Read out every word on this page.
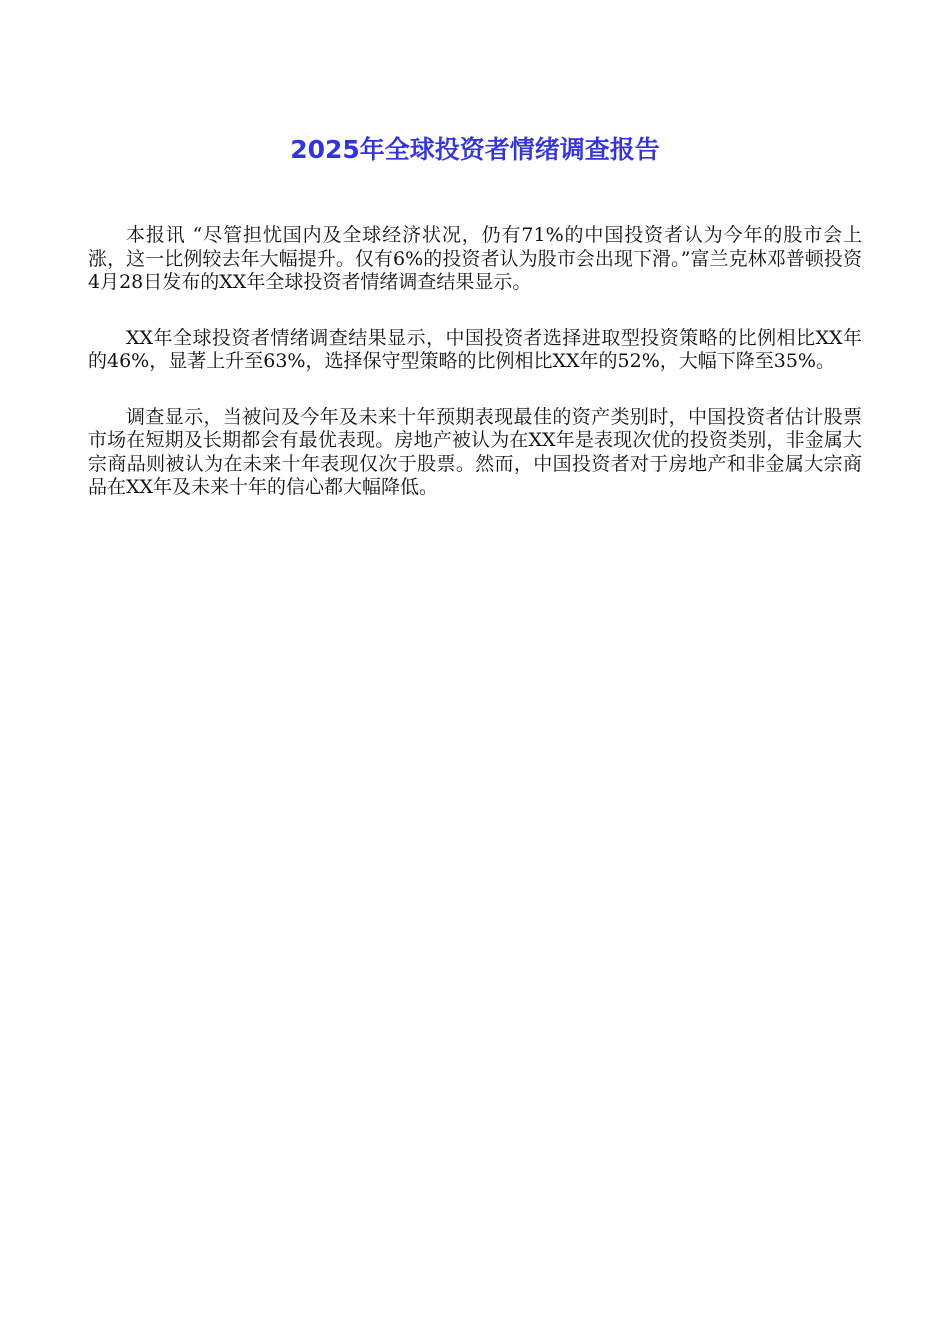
2025年全球投资者情绪调查报告

本报讯 “尽管担忧国内及全球经济状况，仍有71%的中国投资者认为今年的股市会上涨，这一比例较去年大幅提升。仅有6%的投资者认为股市会出现下滑。”富兰克林邓普顿投资4月28日发布的XX年全球投资者情绪调查结果显示。

XX年全球投资者情绪调查结果显示，中国投资者选择进取型投资策略的比例相比XX年的46%，显著上升至63%，选择保守型策略的比例相比XX年的52%，大幅下降至35%。

调查显示，当被问及今年及未来十年预期表现最佳的资产类别时，中国投资者估计股票市场在短期及长期都会有最优表现。房地产被认为在XX年是表现次优的投资类别，非金属大宗商品则被认为在未来十年表现仅次于股票。然而，中国投资者对于房地产和非金属大宗商品在XX年及未来十年的信心都大幅降低。
